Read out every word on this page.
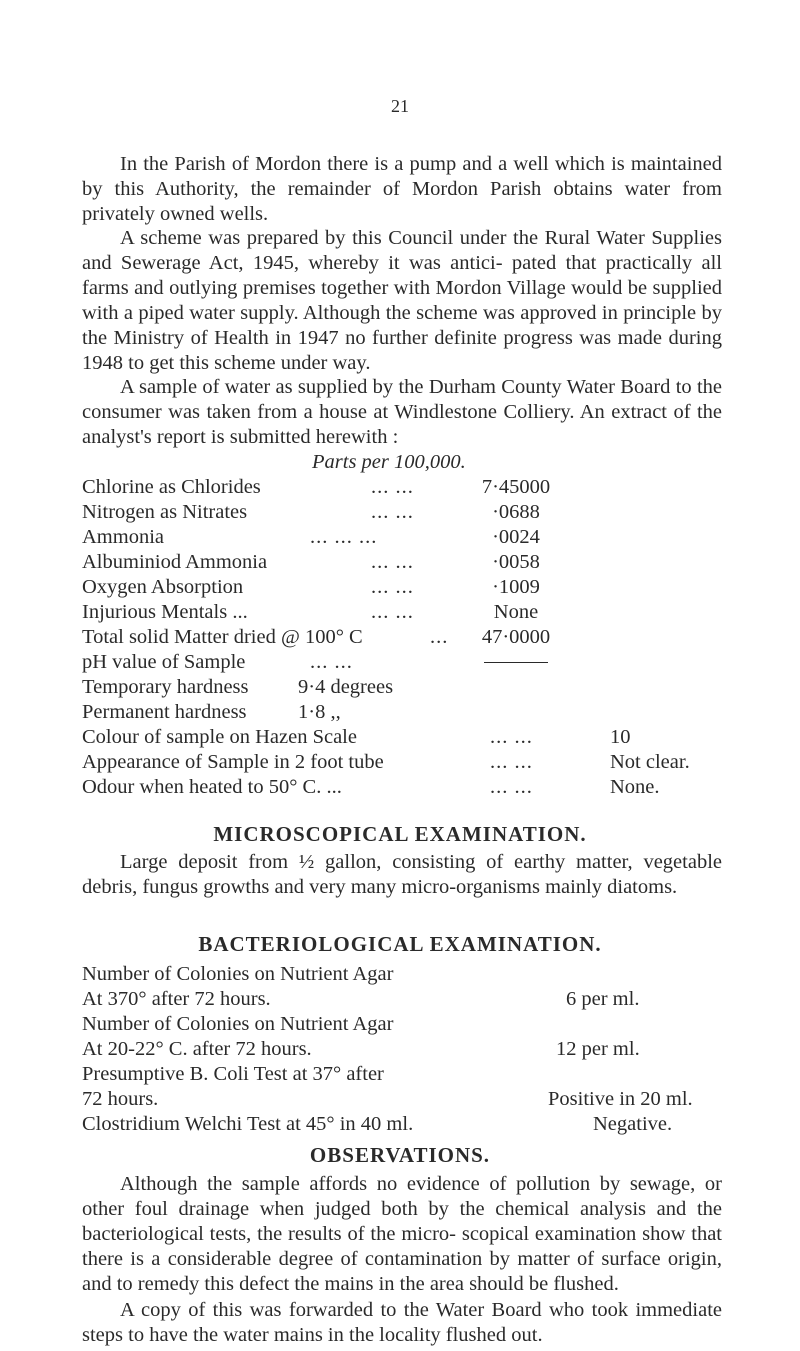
21

In the Parish of Mordon there is a pump and a well which is maintained by this Authority, the remainder of Mordon Parish obtains water from privately owned wells.

A scheme was prepared by this Council under the Rural Water Supplies and Sewerage Act, 1945, whereby it was antici- pated that practically all farms and outlying premises together with Mordon Village would be supplied with a piped water supply. Although the scheme was approved in principle by the Ministry of Health in 1947 no further definite progress was made during 1948 to get this scheme under way.

A sample of water as supplied by the Durham County Water Board to the consumer was taken from a house at Windlestone Colliery. An extract of the analyst's report is submitted herewith :

Parts per 100,000.
Chlorine as Chlorides	... ...	7·45000
Nitrogen as Nitrates	... ...	·0688
Ammonia	... ... ...	·0024
Albuminiod Ammonia	... ...	·0058
Oxygen Absorption	... ...	·1009
Injurious Mentals ...	... ...	None
Total solid Matter dried @ 100° C	...	47·0000
pH value of Sample	... ...
Temporary hardness 9·4 degrees
Permanent hardness	1·8 ,,
Colour of sample on Hazen Scale	... ...	10
Appearance of Sample in 2 foot tube	... ...	Not clear.
Odour when heated to 50° C. ...	... ...	None.
MICROSCOPICAL EXAMINATION.

Large deposit from ½ gallon, consisting of earthy matter, vegetable debris, fungus growths and very many micro-organisms mainly diatoms.

BACTERIOLOGICAL EXAMINATION.
Number of Colonies on Nutrient Agar
At 370° after 72 hours.	6 per ml.
Number of Colonies on Nutrient Agar
At 20-22° C. after 72 hours.	12 per ml.
Presumptive B. Coli Test at 37° after
72 hours.	Positive in 20 ml.
Clostridium Welchi Test at 45° in 40 ml.	Negative.
OBSERVATIONS.

Although the sample affords no evidence of pollution by sewage, or other foul drainage when judged both by the chemical analysis and the bacteriological tests, the results of the micro- scopical examination show that there is a considerable degree of contamination by matter of surface origin, and to remedy this defect the mains in the area should be flushed.

A copy of this was forwarded to the Water Board who took immediate steps to have the water mains in the locality flushed out.
